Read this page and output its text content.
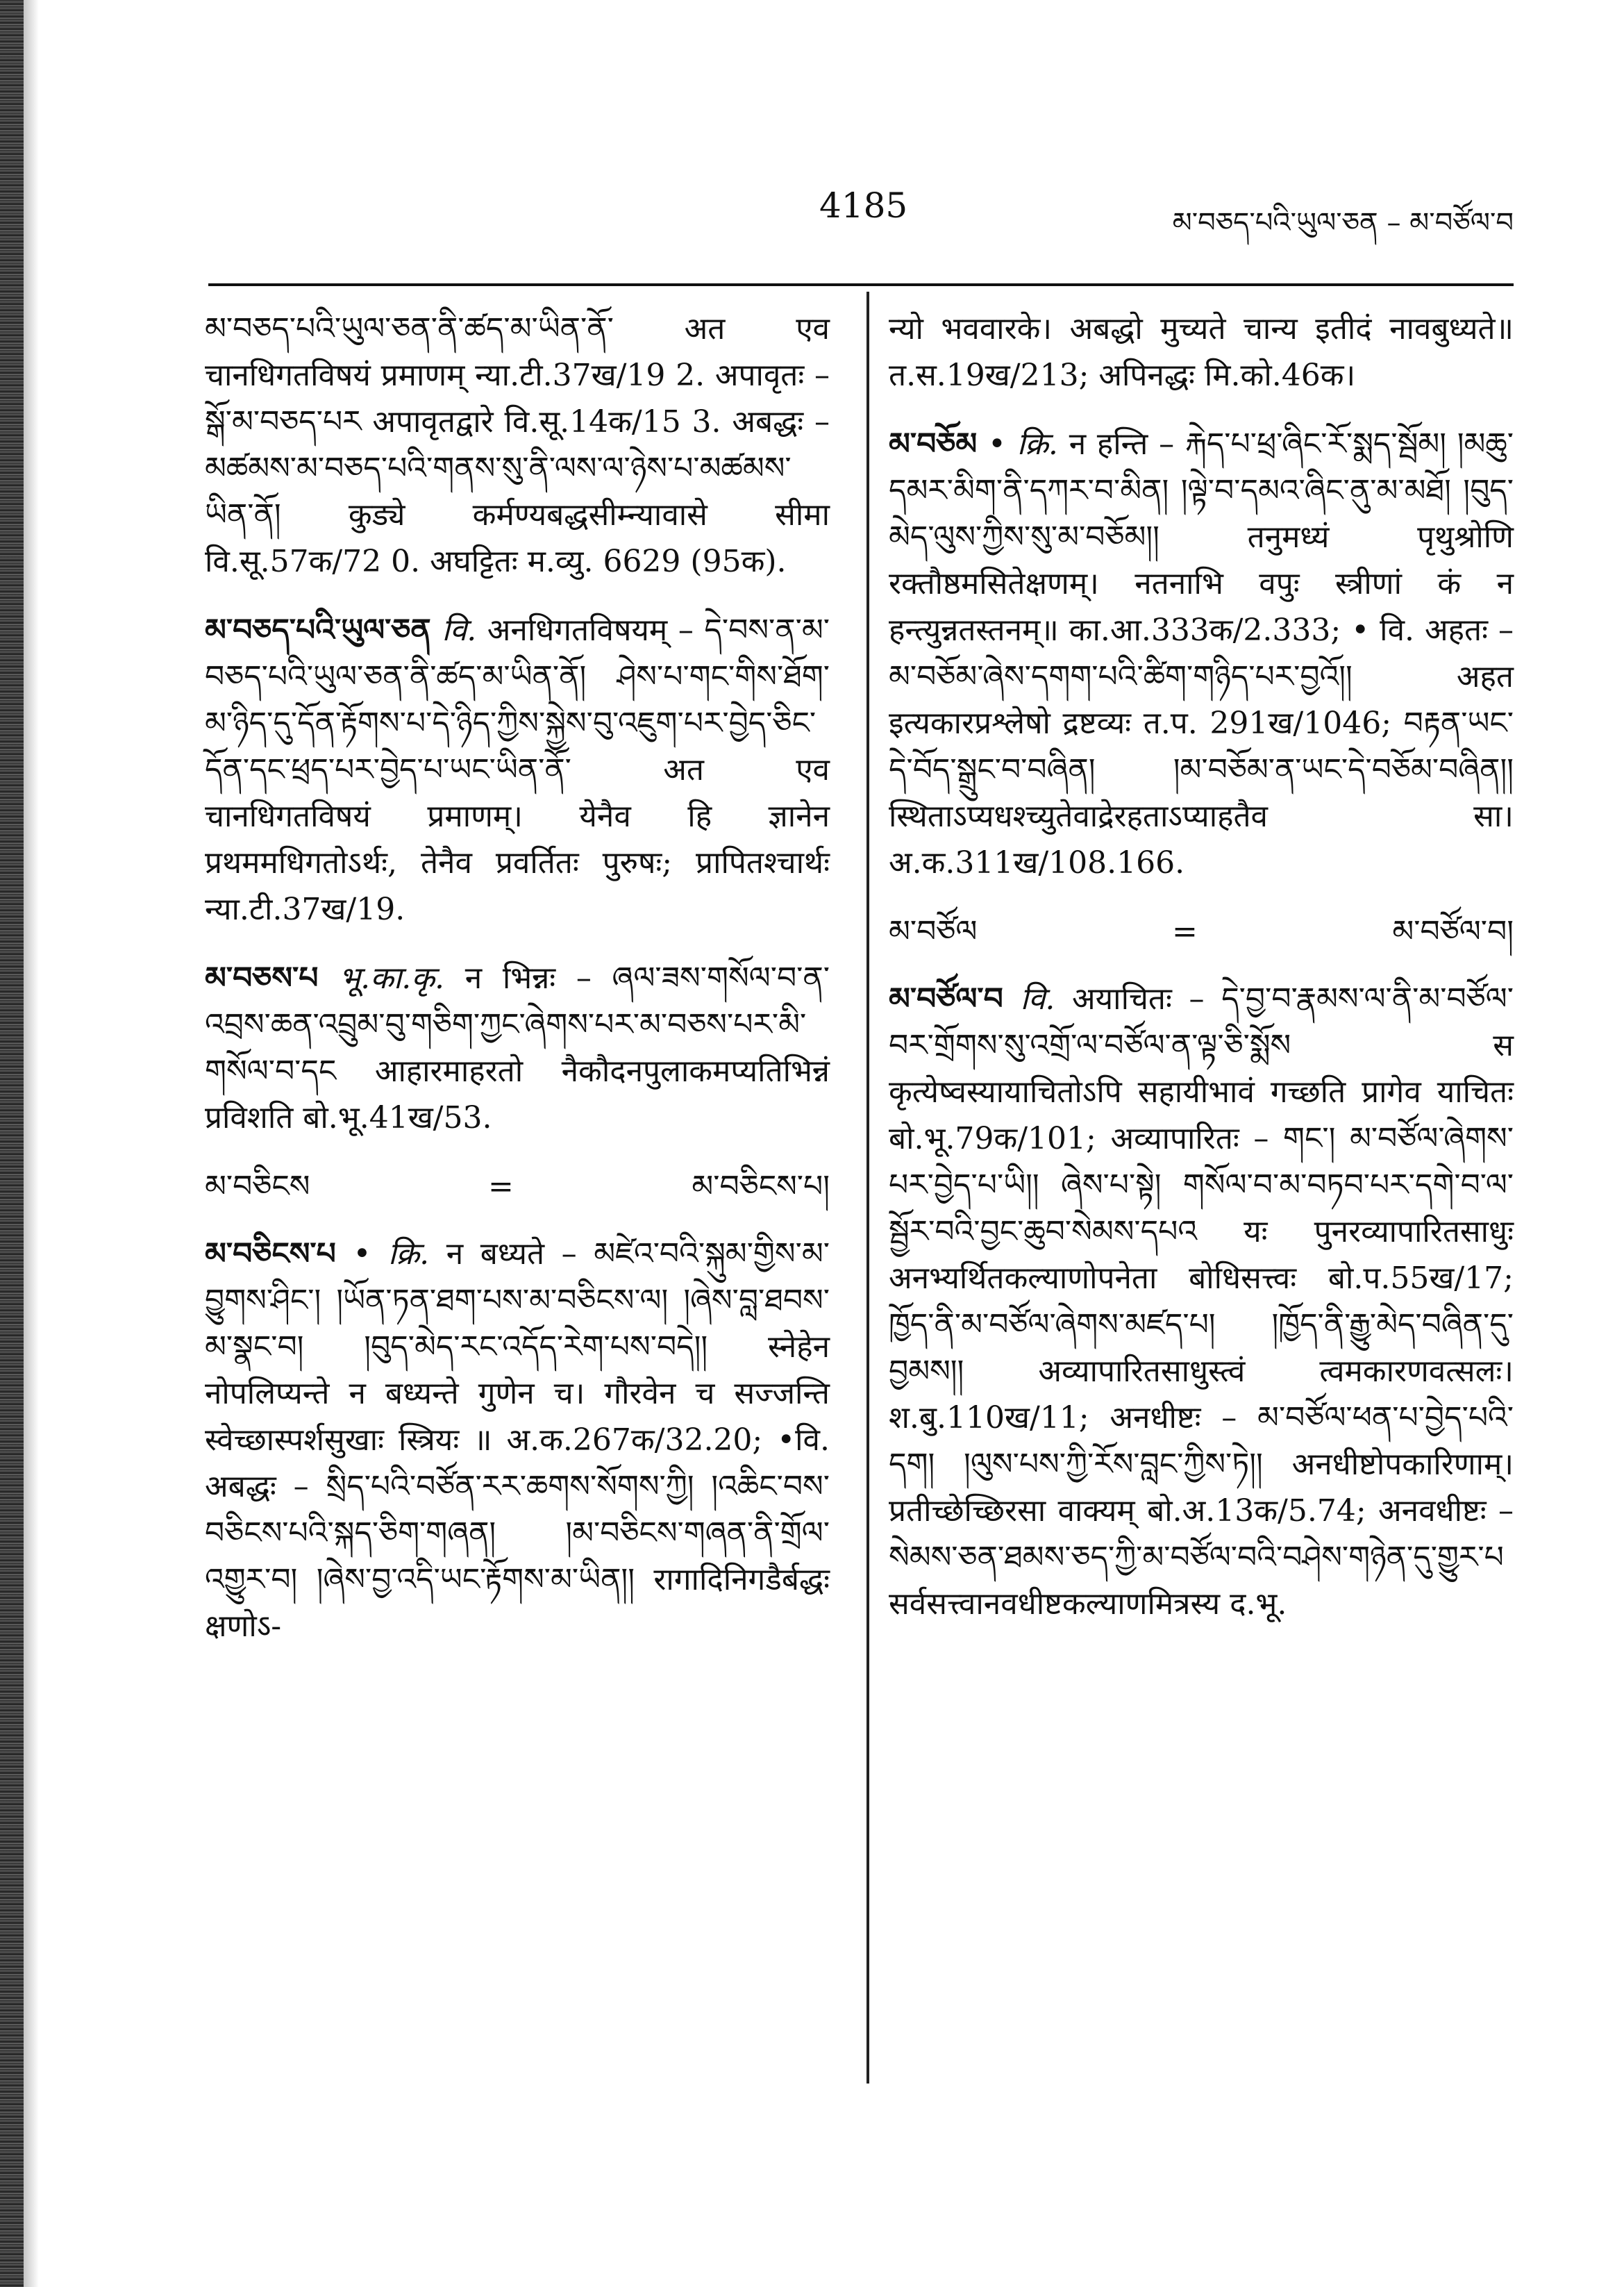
4185	མ་བཅད་པའི་ཡུལ་ཅན – མ་བཙོལ་བ

མ་བཅད་པའི་ཡུལ་ཅན་ནི་ཚད་མ་ཡིན་ནོ་ अत एव चानधिगतविषयं प्रमाणम् न्या.टी.37ख/19 2. अपावृतः – སྒོ་མ་བཅད་པར अपावृतद्वारे वि.सू.14क/15 3. अबद्धः – མཚམས་མ་བཅད་པའི་གནས་སུ་ནི་ལས་ལ་ཉེས་པ་མཚམས་ཡིན་ནོ། कुड्ये कर्मण्यबद्धसीम्न्यावासे सीमा वि.सू.57क/72 0. अघट्टितः म.व्यु. 6629 (95क).

མ་བཅད་པའི་ཡུལ་ཅན वि. अनधिगतविषयम् – དེ་བས་ན་མ་བཅད་པའི་ཡུལ་ཅན་ནི་ཚད་མ་ཡིན་ནོ། ཤེས་པ་གང་གིས་ཐོག་མ་ཉིད་དུ་དོན་རྟོགས་པ་དེ་ཉིད་ཀྱིས་སྐྱེས་བུ་འཇུག་པར་བྱེད་ཅིང་དོན་དང་ཕྲད་པར་བྱེད་པ་ཡང་ཡིན་ནོ་ अत एव चानधिगतविषयं प्रमाणम्। येनैव हि ज्ञानेन प्रथममधिगतोऽर्थः, तेनैव प्रवर्तितः पुरुषः; प्रापितश्चार्थः न्या.टी.37ख/19.

མ་བཅས་པ भू.का.कृ. न भिन्नः – ཞལ་ཟས་གསོལ་བ་ན་འབྲས་ཆན་འབྲུམ་བུ་གཅིག་ཀྱང་ཞེགས་པར་མ་བཅས་པར་མི་གསོལ་བ་དང आहारमाहरतो नैकौदनपुलाकमप्यतिभिन्नं प्रविशति बो.भू.41ख/53.

མ་བཅིངས	=	མ་བཅིངས་པ།

མ་བཅིངས་པ • क्रि. न बध्यते – མཛེའ་བའི་སྐུམ་གྱིས་མ་བྱུགས་ཤིང་། །ཡོན་ཏན་ཐག་པས་མ་བཅིངས་ལ། །ཞེས་བླ་ཐབས་མ་སྣང་བ། །བུད་མེད་རང་འདོད་རེག་པས་བདེ།། स्नेहेन नोपलिप्यन्ते न बध्यन्ते गुणेन च। गौरवेन च सज्जन्ति स्वेच्छास्पर्शसुखाः स्त्रियः ॥ अ.क.267क/32.20; •वि. अबद्धः – སྲིད་པའི་བཙོན་རར་ཆགས་སོགས་ཀྱི། །འཆིང་བས་བཅིངས་པའི་སྐད་ཅིག་གཞན། །མ་བཅིངས་གཞན་ནི་གྲོལ་འགྱུར་བ། །ཞེས་བྱ་འདི་ཡང་རྟོགས་མ་ཡིན།། रागादिनिगडैर्बद्धः क्षणोऽ-

न्यो भववारके। अबद्धो मुच्यते चान्य इतीदं नावबुध्यते॥ त.स.19ख/213; अपिनद्धः मि.को.46क।

མ་བཅོམ • क्रि. न हन्ति – རྐེད་པ་ཕྲ་ཞིང་རོ་སྨད་སྦོམ། །མཆུ་དམར་མིག་ནི་དཀར་བ་མིན། །ལྟེ་བ་དམའ་ཞིང་ནུ་མ་མཐོ། །བུད་མེད་ལུས་ཀྱིས་སུ་མ་བཅོམ།། तनुमध्यं पृथुश्रोणि रक्तौष्ठमसितेक्षणम्। नतनाभि वपुः स्त्रीणां कं न हन्त्युन्नतस्तनम्॥ का.आ.333क/2.333; • वि. अहतः – མ་བཅོམ་ཞེས་དགག་པའི་ཚིག་གཉིད་པར་བྱའོ།། अहत इत्यकारप्रश्लेषो द्रष्टव्यः त.प. 291ख/1046; བརྟན་ཡང་དེ་བོད་སྒྲུང་བ་བཞིན། །མ་བཅོམ་ན་ཡང་དེ་བཅོམ་བཞིན།། स्थिताऽप्यधश्च्युतेवाद्रेरहताऽप्याहतैव सा। अ.क.311ख/108.166.

མ་བཙོལ	=	མ་བཙོལ་བ།

མ་བཙོལ་བ वि. अयाचितः – དེ་བྱ་བ་རྣམས་ལ་ནི་མ་བཙོལ་བར་གྲོགས་སུ་འགྲོ་ལ་བཙོལ་ན་ལྟ་ཅི་སྨོས स कृत्येष्वस्यायाचितोऽपि सहायीभावं गच्छति प्रागेव याचितः बो.भू.79क/101; अव्यापारितः – གང་། མ་བཙོལ་ཞེགས་པར་བྱེད་པ་ཡི།། ཞེས་པ་སྟེ། གསོལ་བ་མ་བཏབ་པར་དགེ་བ་ལ་སྦྱོར་བའི་བྱང་ཆུབ་སེམས་དཔའ यः पुनरव्यापारितसाधुः अनभ्यर्थितकल्याणोपनेता बोधिसत्त्वः बो.प.55ख/17; ཁྱོད་ནི་མ་བཙོལ་ཞེགས་མཛད་པ། །ཁྱོད་ནི་རྒྱུ་མེད་བཞིན་དུ་བྱམས།། अव्यापारितसाधुस्त्वं त्वमकारणवत्सलः। श.बु.110ख/11; अनधीष्टः – མ་བཙོལ་ཕན་པ་བྱེད་པའི་དག། །ལུས་པས་ཀྱི་རོས་བླང་ཀྱིས་ཏེ།། अनधीष्टोपकारिणाम्। प्रतीच्छेच्छिरसा वाक्यम् बो.अ.13क/5.74; अनवधीष्टः – སེམས་ཅན་ཐམས་ཅད་ཀྱི་མ་བཙོལ་བའི་བཤེས་གཉེན་དུ་གྱུར་པ सर्वसत्त्वानवधीष्टकल्याणमित्रस्य द.भू.
